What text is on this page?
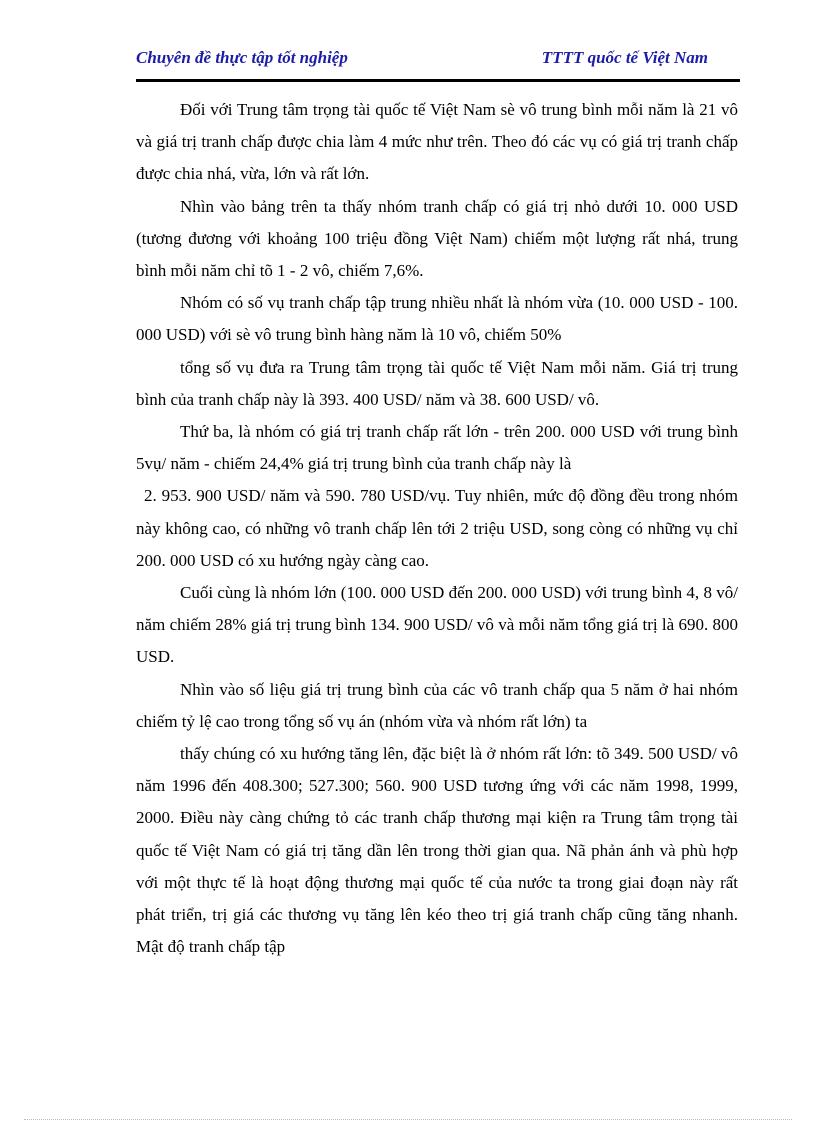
Chuyên đề thực tập tốt nghiệp	TTTT quốc tế Việt Nam

Đối với Trung tâm trọng tài quốc tế Việt Nam sè vô trung bình mỗi năm là 21 vô và giá trị tranh chấp được chia làm 4 mức như trên. Theo đó các vụ có giá trị tranh chấp được chia nhá, vừa, lớn và rất lớn.

Nhìn vào bảng trên ta thấy nhóm tranh chấp có giá trị nhỏ dưới 10. 000 USD (tương đương với khoảng 100 triệu đồng Việt Nam) chiếm một lượng rất nhá, trung bình mỗi năm chỉ tõ 1 - 2 vô, chiếm 7,6%.

Nhóm có số vụ tranh chấp tập trung nhiều nhất là nhóm vừa (10. 000 USD - 100. 000 USD) với sè vô trung bình hàng năm là 10 vô, chiếm 50%

tổng số vụ đưa ra Trung tâm trọng tài quốc tế Việt Nam mỗi năm. Giá trị trung bình của tranh chấp này là 393. 400 USD/ năm và 38. 600 USD/ vô.

Thứ ba, là nhóm có giá trị tranh chấp rất lớn - trên 200. 000 USD với trung bình 5vụ/ năm - chiếm 24,4% giá trị trung bình của tranh chấp này là

2. 953. 900 USD/ năm và 590. 780 USD/vụ. Tuy nhiên, mức độ đồng đều trong nhóm này không cao, có những vô tranh chấp lên tới 2 triệu USD, song còng có những vụ chỉ 200. 000 USD có xu hướng ngày càng cao.

Cuối cùng là nhóm lớn (100. 000 USD đến 200. 000 USD) với trung bình 4, 8 vô/ năm chiếm 28% giá trị trung bình 134. 900 USD/ vô và mỗi năm tổng giá trị là 690. 800 USD.

Nhìn vào số liệu giá trị trung bình của các vô tranh chấp qua 5 năm ở hai nhóm chiếm tỷ lệ cao trong tổng số vụ án (nhóm vừa và nhóm rất lớn) ta

thấy chúng có xu hướng tăng lên, đặc biệt là ở nhóm rất lớn: tõ 349. 500 USD/ vô năm 1996 đến 408.300; 527.300; 560. 900 USD tương ứng với các năm 1998, 1999, 2000. Điều này càng chứng tỏ các tranh chấp thương mại kiện ra Trung tâm trọng tài quốc tế Việt Nam có giá trị tăng dần lên trong thời gian qua. Nã phản ánh và phù hợp với một thực tế là hoạt động thương mại quốc tế của nước ta trong giai đoạn này rất phát triển, trị giá các thương vụ tăng lên kéo theo trị giá tranh chấp cũng tăng nhanh. Mật độ tranh chấp tập
